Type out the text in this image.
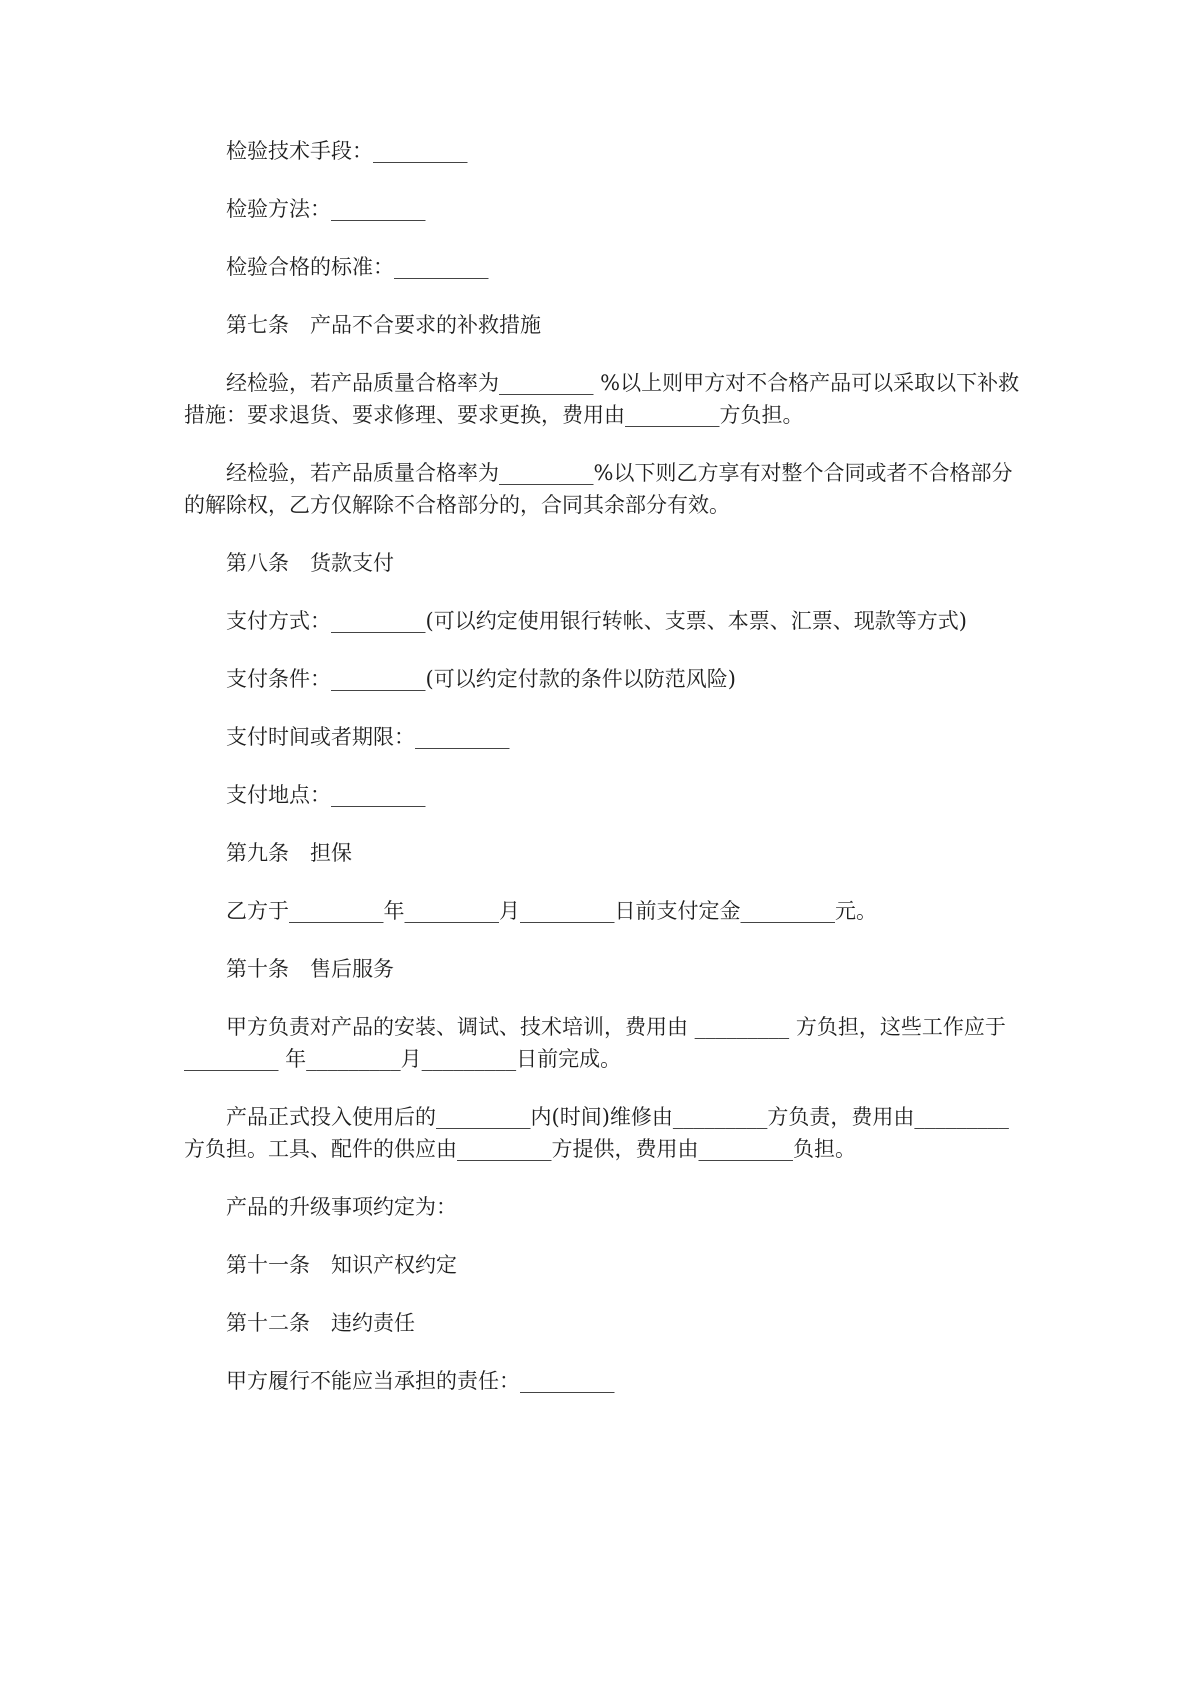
检验技术手段：_________
检验方法：_________
检验合格的标准：_________
第七条　产品不合要求的补救措施
经检验，若产品质量合格率为_________ %以上则甲方对不合格产品可以采取以下补救
措施：要求退货、要求修理、要求更换，费用由_________方负担。
经检验，若产品质量合格率为_________%以下则乙方享有对整个合同或者不合格部分
的解除权，乙方仅解除不合格部分的，合同其余部分有效。
第八条　货款支付
支付方式：_________(可以约定使用银行转帐、支票、本票、汇票、现款等方式)
支付条件：_________(可以约定付款的条件以防范风险)
支付时间或者期限：_________
支付地点：_________
第九条　担保
乙方于_________年_________月_________日前支付定金_________元。
第十条　售后服务
甲方负责对产品的安装、调试、技术培训，费用由 _________ 方负担，这些工作应于
_________ 年_________月_________日前完成。
产品正式投入使用后的_________内(时间)维修由_________方负责，费用由_________
方负担。工具、配件的供应由_________方提供，费用由_________负担。
产品的升级事项约定为：
第十一条　知识产权约定
第十二条　违约责任
甲方履行不能应当承担的责任：_________
